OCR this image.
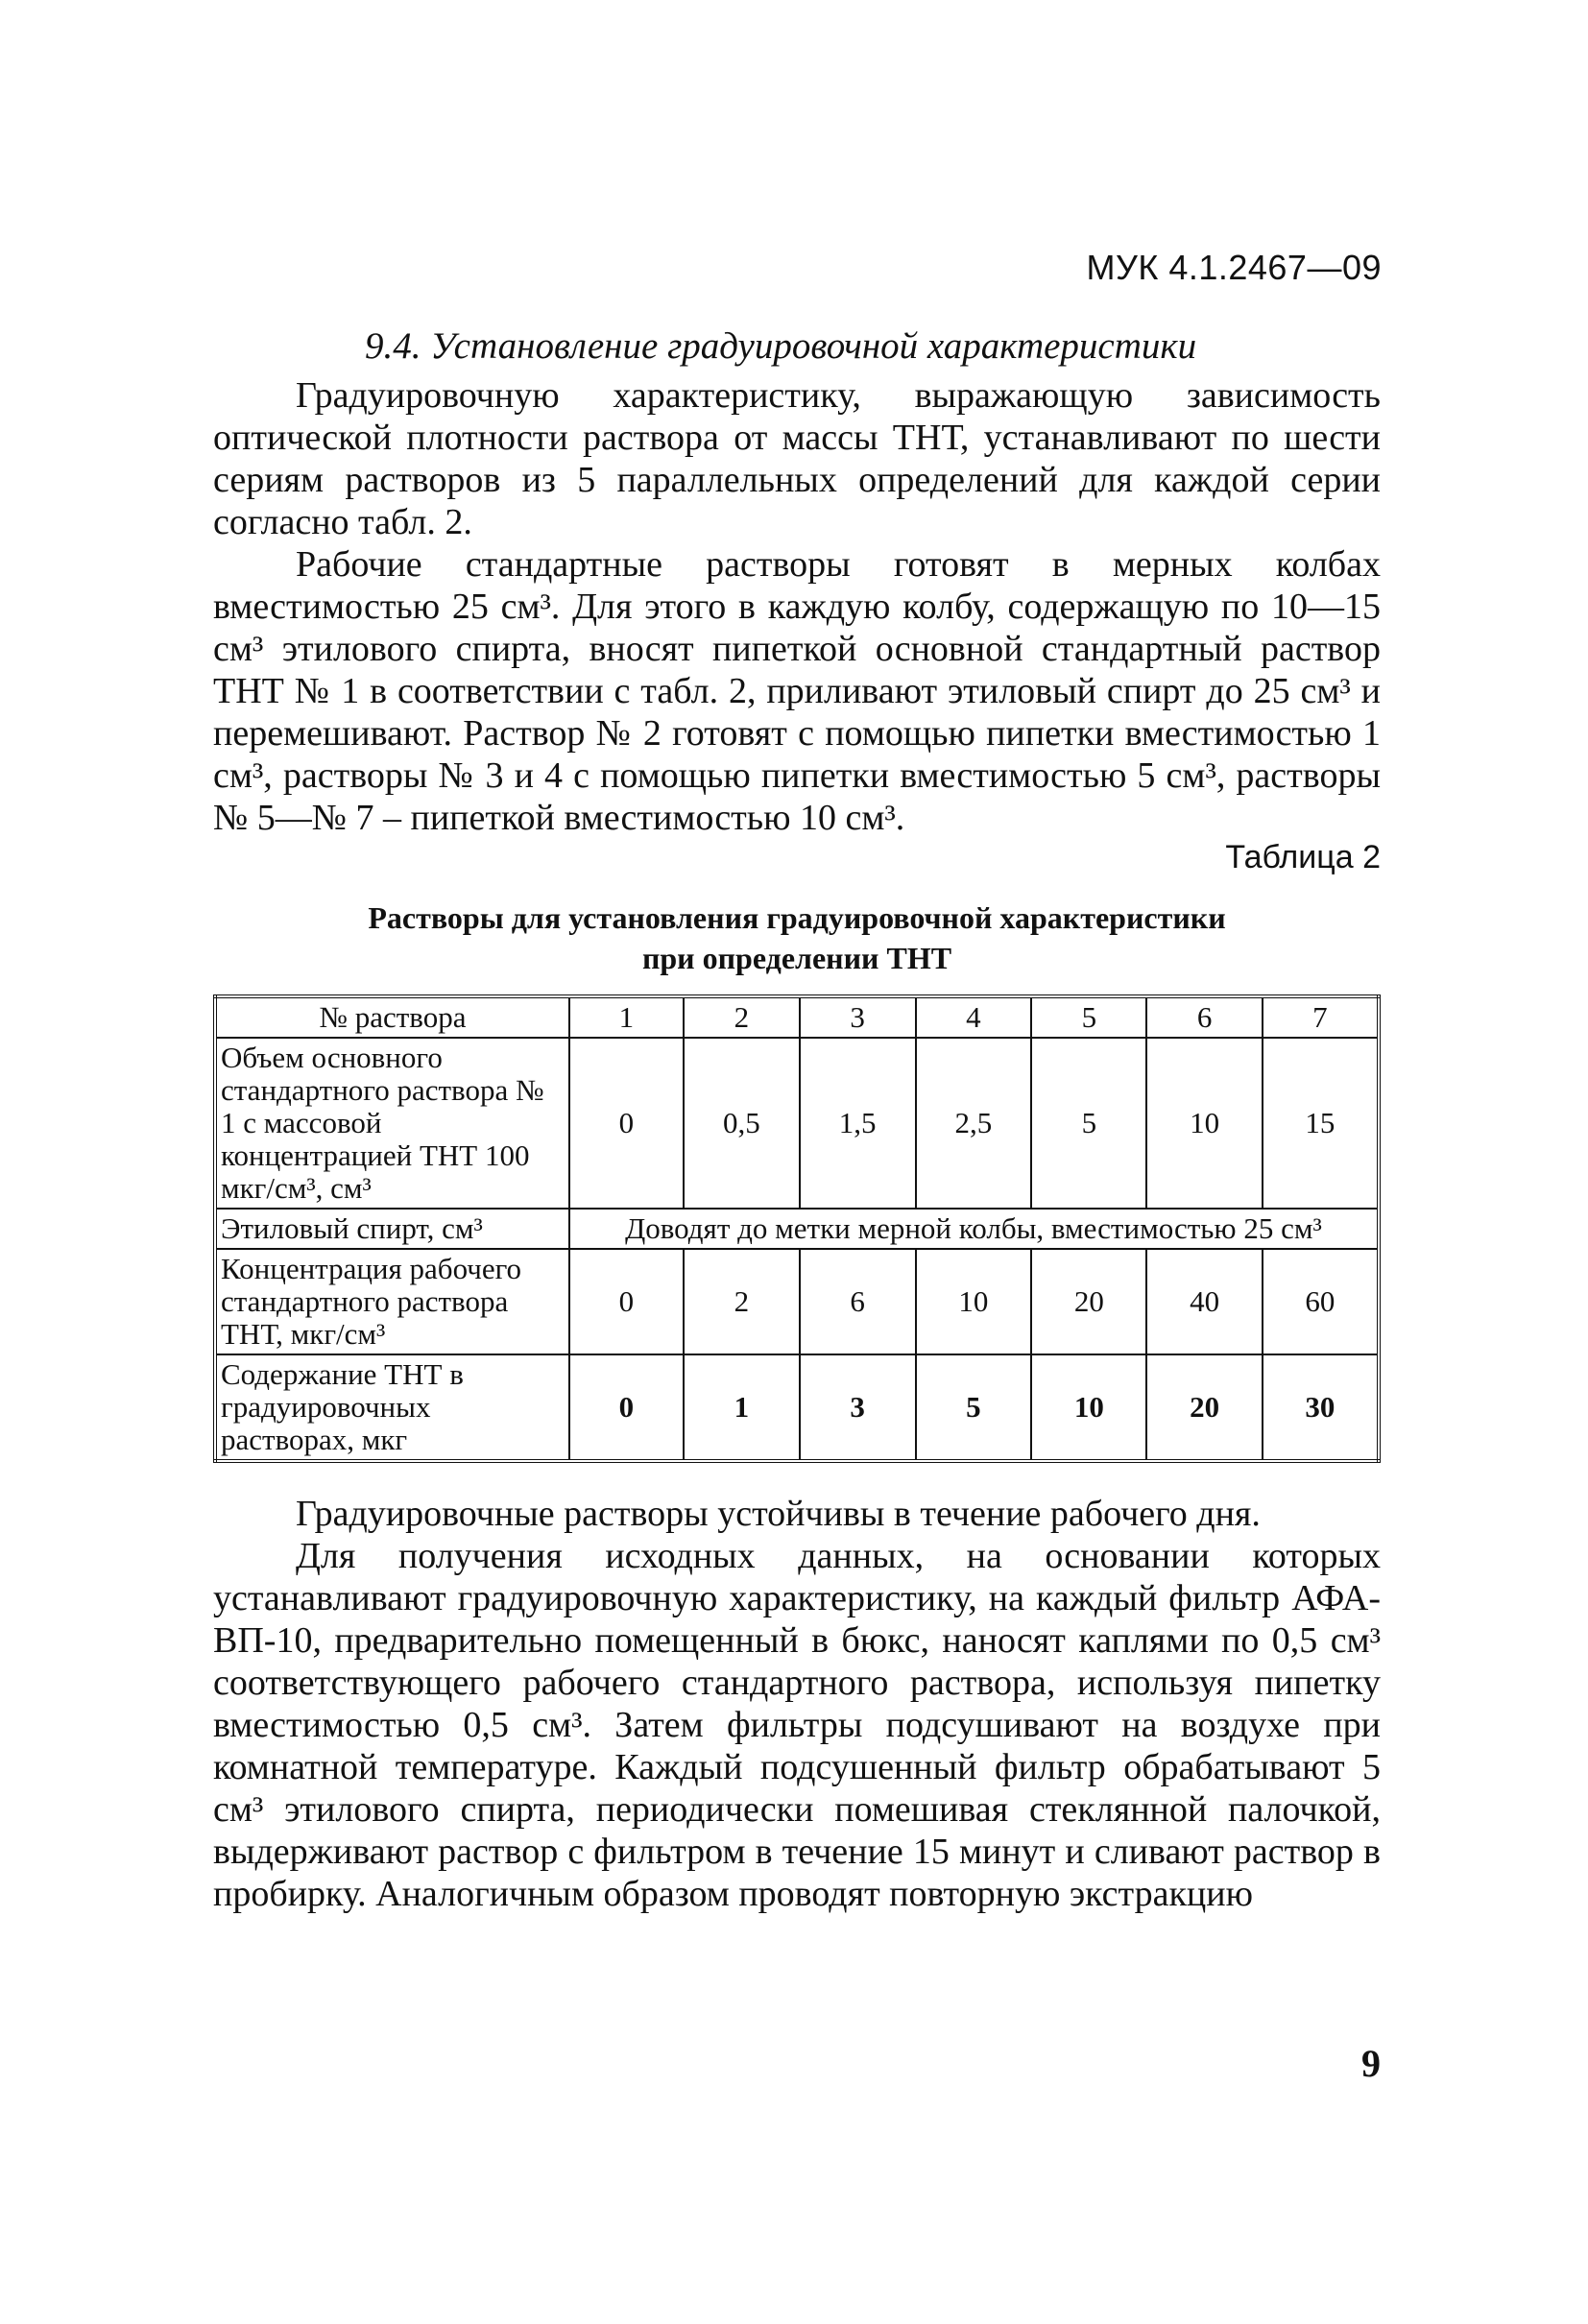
МУК 4.1.2467—09
9.4. Установление градуировочной характеристики

Градуировочную характеристику, выражающую зависимость оптической плотности раствора от массы ТНТ, устанавливают по шести сериям растворов из 5 параллельных определений для каждой серии согласно табл. 2.

Рабочие стандартные растворы готовят в мерных колбах вместимостью 25 см³. Для этого в каждую колбу, содержащую по 10—15 см³ этилового спирта, вносят пипеткой основной стандартный раствор ТНТ № 1 в соответствии с табл. 2, приливают этиловый спирт до 25 см³ и перемешивают. Раствор № 2 готовят с помощью пипетки вместимостью 1 см³, растворы № 3 и 4 с помощью пипетки вместимостью 5 см³, растворы № 5—№ 7 – пипеткой вместимостью 10 см³.

Таблица 2
Растворы для установления градуировочной характеристики
при определении ТНТ
№ раствора	1	2	3	4	5	6	7
Объем основного стандартного раствора № 1 с массовой концентрацией ТНТ 100 мкг/см³, см³	0	0,5	1,5	2,5	5	10	15
Этиловый спирт, см³	Доводят до метки мерной колбы, вместимостью 25 см³						
Концентрация рабочего стандартного раствора ТНТ, мкг/см³	0	2	6	10	20	40	60
Содержание ТНТ в градуировочных растворах, мкг	0	1	3	5	10	20	30

Градуировочные растворы устойчивы в течение рабочего дня.

Для получения исходных данных, на основании которых устанавливают градуировочную характеристику, на каждый фильтр АФА-ВП-10, предварительно помещенный в бюкс, наносят каплями по 0,5 см³ соответствующего рабочего стандартного раствора, используя пипетку вместимостью 0,5 см³. Затем фильтры подсушивают на воздухе при комнатной температуре. Каждый подсушенный фильтр обрабатывают 5 см³ этилового спирта, периодически помешивая стеклянной палочкой, выдерживают раствор с фильтром в течение 15 минут и сливают раствор в пробирку. Аналогичным образом проводят повторную экстракцию

9
